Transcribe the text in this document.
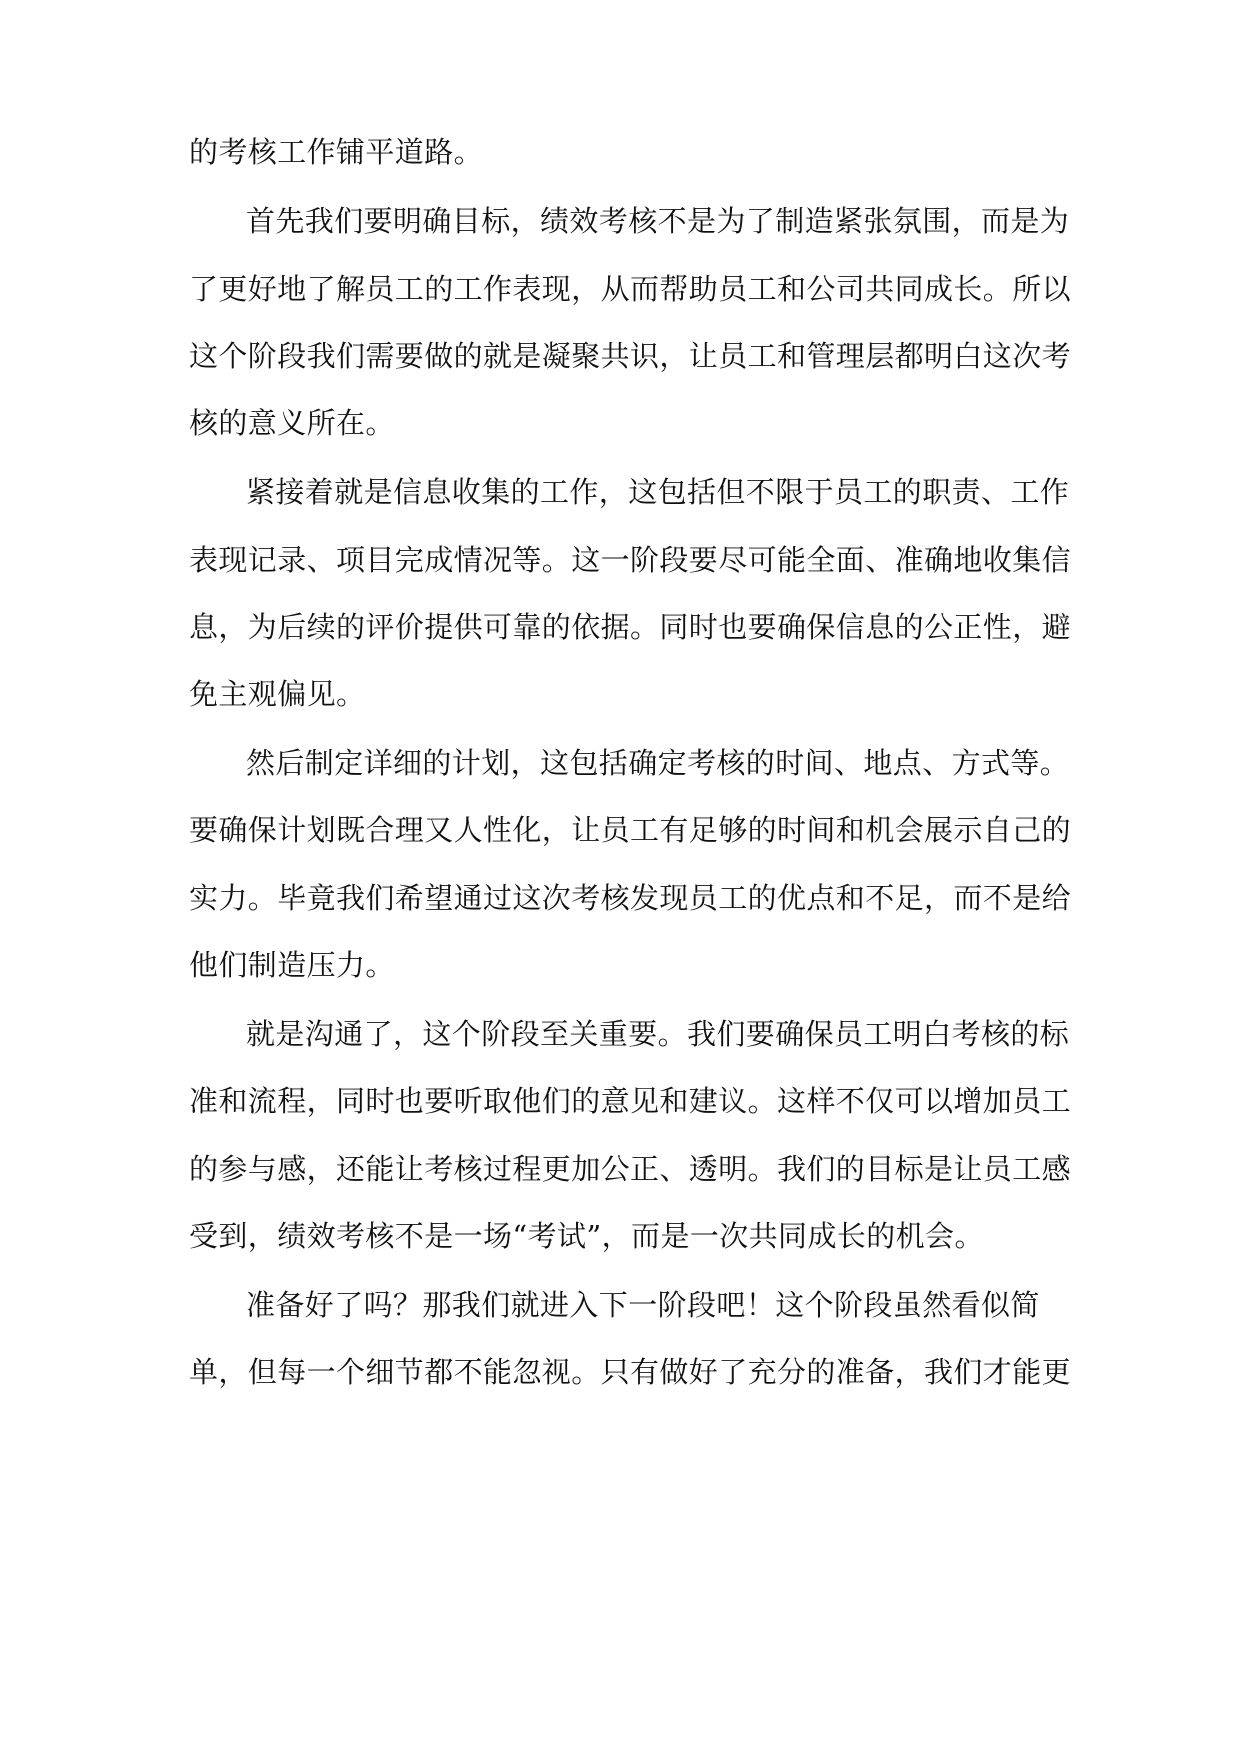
的考核工作铺平道路。
首先我们要明确目标，绩效考核不是为了制造紧张氛围，而是为
了更好地了解员工的工作表现，从而帮助员工和公司共同成长。所以
这个阶段我们需要做的就是凝聚共识，让员工和管理层都明白这次考
核的意义所在。
紧接着就是信息收集的工作，这包括但不限于员工的职责、工作
表现记录、项目完成情况等。这一阶段要尽可能全面、准确地收集信
息，为后续的评价提供可靠的依据。同时也要确保信息的公正性，避
免主观偏见。
然后制定详细的计划，这包括确定考核的时间、地点、方式等。
要确保计划既合理又人性化，让员工有足够的时间和机会展示自己的
实力。毕竟我们希望通过这次考核发现员工的优点和不足，而不是给
他们制造压力。
就是沟通了，这个阶段至关重要。我们要确保员工明白考核的标
准和流程，同时也要听取他们的意见和建议。这样不仅可以增加员工
的参与感，还能让考核过程更加公正、透明。我们的目标是让员工感
受到，绩效考核不是一场“考试”，而是一次共同成长的机会。
准备好了吗？那我们就进入下一阶段吧！这个阶段虽然看似简
单，但每一个细节都不能忽视。只有做好了充分的准备，我们才能更
